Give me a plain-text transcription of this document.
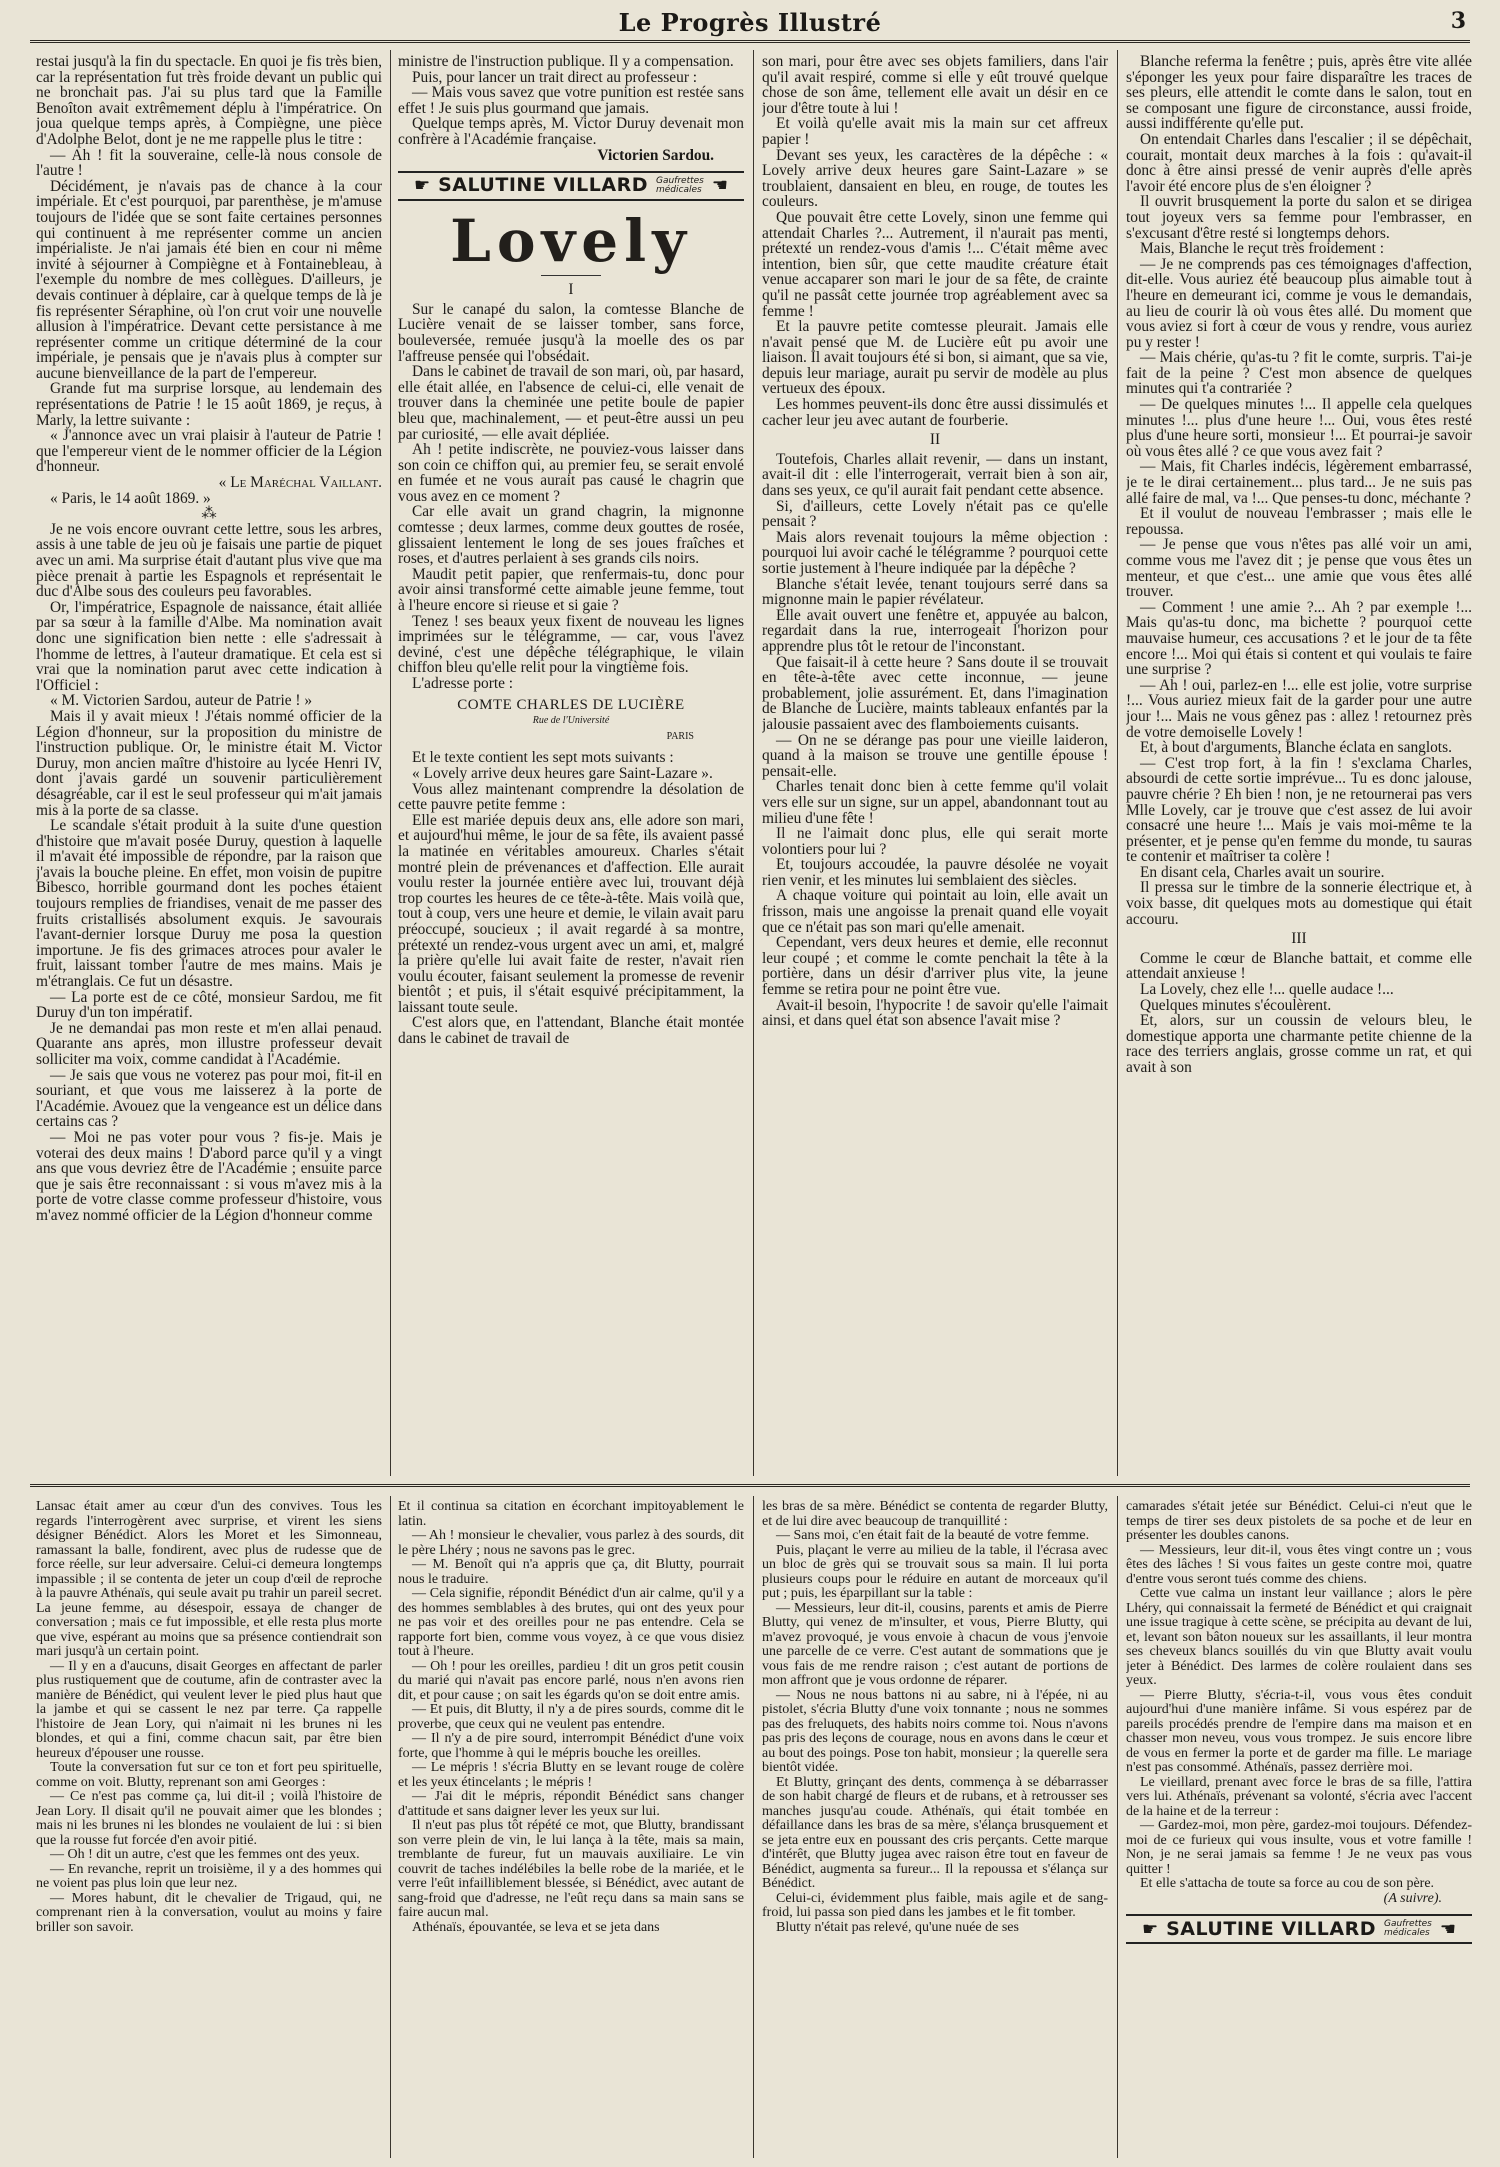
Le Progrès Illustré	3

restai jusqu'à la fin du spectacle. En quoi je fis très bien, car la représentation fut très froide devant un public qui ne bronchait pas. J'ai su plus tard que la Famille Benoîton avait extrêmement déplu à l'impératrice. On joua quelque temps après, à Compiègne, une pièce d'Adolphe Belot, dont je ne me rappelle plus le titre :

— Ah ! fit la souveraine, celle-là nous console de l'autre !

Décidément, je n'avais pas de chance à la cour impériale. Et c'est pourquoi, par parenthèse, je m'amuse toujours de l'idée que se sont faite certaines personnes qui continuent à me représenter comme un ancien impérialiste. Je n'ai jamais été bien en cour ni même invité à séjourner à Compiègne et à Fontainebleau, à l'exemple du nombre de mes collègues. D'ailleurs, je devais continuer à déplaire, car à quelque temps de là je fis représenter Séraphine, où l'on crut voir une nouvelle allusion à l'impératrice. Devant cette persistance à me représenter comme un critique déterminé de la cour impériale, je pensais que je n'avais plus à compter sur aucune bienveillance de la part de l'empereur.

Grande fut ma surprise lorsque, au lendemain des représentations de Patrie ! le 15 août 1869, je reçus, à Marly, la lettre suivante :

« J'annonce avec un vrai plaisir à l'auteur de Patrie ! que l'empereur vient de le nommer officier de la Légion d'honneur.

« Le Maréchal Vaillant.

« Paris, le 14 août 1869. »

⁂

Je ne vois encore ouvrant cette lettre, sous les arbres, assis à une table de jeu où je faisais une partie de piquet avec un ami. Ma surprise était d'autant plus vive que ma pièce prenait à partie les Espagnols et représentait le duc d'Albe sous des couleurs peu favorables.

Or, l'impératrice, Espagnole de naissance, était alliée par sa sœur à la famille d'Albe. Ma nomination avait donc une signification bien nette : elle s'adressait à l'homme de lettres, à l'auteur dramatique. Et cela est si vrai que la nomination parut avec cette indication à l'Officiel :

« M. Victorien Sardou, auteur de Patrie ! »

Mais il y avait mieux ! J'étais nommé officier de la Légion d'honneur, sur la proposition du ministre de l'instruction publique. Or, le ministre était M. Victor Duruy, mon ancien maître d'histoire au lycée Henri IV, dont j'avais gardé un souvenir particulièrement désagréable, car il est le seul professeur qui m'ait jamais mis à la porte de sa classe.

Le scandale s'était produit à la suite d'une question d'histoire que m'avait posée Duruy, question à laquelle il m'avait été impossible de répondre, par la raison que j'avais la bouche pleine. En effet, mon voisin de pupitre Bibesco, horrible gourmand dont les poches étaient toujours remplies de friandises, venait de me passer des fruits cristallisés absolument exquis. Je savourais l'avant-dernier lorsque Duruy me posa la question importune. Je fis des grimaces atroces pour avaler le fruit, laissant tomber l'autre de mes mains. Mais je m'étranglais. Ce fut un désastre.

— La porte est de ce côté, monsieur Sardou, me fit Duruy d'un ton impératif.

Je ne demandai pas mon reste et m'en allai penaud. Quarante ans après, mon illustre professeur devait solliciter ma voix, comme candidat à l'Académie.

— Je sais que vous ne voterez pas pour moi, fit-il en souriant, et que vous me laisserez à la porte de l'Académie. Avouez que la vengeance est un délice dans certains cas ?

— Moi ne pas voter pour vous ? fis-je. Mais je voterai des deux mains ! D'abord parce qu'il y a vingt ans que vous devriez être de l'Académie ; ensuite parce que je sais être reconnaissant : si vous m'avez mis à la porte de votre classe comme professeur d'histoire, vous m'avez nommé officier de la Légion d'honneur comme

ministre de l'instruction publique. Il y a compensation.

Puis, pour lancer un trait direct au professeur :

— Mais vous savez que votre punition est restée sans effet ! Je suis plus gourmand que jamais.

Quelque temps après, M. Victor Duruy devenait mon confrère à l'Académie française.

Victorien Sardou.

☛ SALUTINE VILLARD Gaufrettes
médicales ☚
Lovely

I

Sur le canapé du salon, la comtesse Blanche de Lucière venait de se laisser tomber, sans force, bouleversée, remuée jusqu'à la moelle des os par l'affreuse pensée qui l'obsédait.

Dans le cabinet de travail de son mari, où, par hasard, elle était allée, en l'absence de celui-ci, elle venait de trouver dans la cheminée une petite boule de papier bleu que, machinalement, — et peut-être aussi un peu par curiosité, — elle avait dépliée.

Ah ! petite indiscrète, ne pouviez-vous laisser dans son coin ce chiffon qui, au premier feu, se serait envolé en fumée et ne vous aurait pas causé le chagrin que vous avez en ce moment ?

Car elle avait un grand chagrin, la mignonne comtesse ; deux larmes, comme deux gouttes de rosée, glissaient lentement le long de ses joues fraîches et roses, et d'autres perlaient à ses grands cils noirs.

Maudit petit papier, que renfermais-tu, donc pour avoir ainsi transformé cette aimable jeune femme, tout à l'heure encore si rieuse et si gaie ?

Tenez ! ses beaux yeux fixent de nouveau les lignes imprimées sur le télégramme, — car, vous l'avez deviné, c'est une dépêche télégraphique, le vilain chiffon bleu qu'elle relit pour la vingtième fois.

L'adresse porte :

COMTE CHARLES DE LUCIÈRE
Rue de l'Université
PARIS

Et le texte contient les sept mots suivants :

« Lovely arrive deux heures gare Saint-Lazare ».

Vous allez maintenant comprendre la désolation de cette pauvre petite femme :

Elle est mariée depuis deux ans, elle adore son mari, et aujourd'hui même, le jour de sa fête, ils avaient passé la matinée en véritables amoureux. Charles s'était montré plein de prévenances et d'affection. Elle aurait voulu rester la journée entière avec lui, trouvant déjà trop courtes les heures de ce tête-à-tête. Mais voilà que, tout à coup, vers une heure et demie, le vilain avait paru préoccupé, soucieux ; il avait regardé à sa montre, prétexté un rendez-vous urgent avec un ami, et, malgré la prière qu'elle lui avait faite de rester, n'avait rien voulu écouter, faisant seulement la promesse de revenir bientôt ; et puis, il s'était esquivé précipitamment, la laissant toute seule.

C'est alors que, en l'attendant, Blanche était montée dans le cabinet de travail de

son mari, pour être avec ses objets familiers, dans l'air qu'il avait respiré, comme si elle y eût trouvé quelque chose de son âme, tellement elle avait un désir en ce jour d'être toute à lui !

Et voilà qu'elle avait mis la main sur cet affreux papier !

Devant ses yeux, les caractères de la dépêche : « Lovely arrive deux heures gare Saint-Lazare » se troublaient, dansaient en bleu, en rouge, de toutes les couleurs.

Que pouvait être cette Lovely, sinon une femme qui attendait Charles ?... Autrement, il n'aurait pas menti, prétexté un rendez-vous d'amis !... C'était même avec intention, bien sûr, que cette maudite créature était venue accaparer son mari le jour de sa fête, de crainte qu'il ne passât cette journée trop agréablement avec sa femme !

Et la pauvre petite comtesse pleurait. Jamais elle n'avait pensé que M. de Lucière eût pu avoir une liaison. Il avait toujours été si bon, si aimant, que sa vie, depuis leur mariage, aurait pu servir de modèle au plus vertueux des époux.

Les hommes peuvent-ils donc être aussi dissimulés et cacher leur jeu avec autant de fourberie.

II

Toutefois, Charles allait revenir, — dans un instant, avait-il dit : elle l'interrogerait, verrait bien à son air, dans ses yeux, ce qu'il aurait fait pendant cette absence.

Si, d'ailleurs, cette Lovely n'était pas ce qu'elle pensait ?

Mais alors revenait toujours la même objection : pourquoi lui avoir caché le télégramme ? pourquoi cette sortie justement à l'heure indiquée par la dépêche ?

Blanche s'était levée, tenant toujours serré dans sa mignonne main le papier révélateur.

Elle avait ouvert une fenêtre et, appuyée au balcon, regardait dans la rue, interrogeait l'horizon pour apprendre plus tôt le retour de l'inconstant.

Que faisait-il à cette heure ? Sans doute il se trouvait en tête-à-tête avec cette inconnue, — jeune probablement, jolie assurément. Et, dans l'imagination de Blanche de Lucière, maints tableaux enfantés par la jalousie passaient avec des flamboiements cuisants.

— On ne se dérange pas pour une vieille laideron, quand à la maison se trouve une gentille épouse ! pensait-elle.

Charles tenait donc bien à cette femme qu'il volait vers elle sur un signe, sur un appel, abandonnant tout au milieu d'une fête !

Il ne l'aimait donc plus, elle qui serait morte volontiers pour lui ?

Et, toujours accoudée, la pauvre désolée ne voyait rien venir, et les minutes lui semblaient des siècles.

A chaque voiture qui pointait au loin, elle avait un frisson, mais une angoisse la prenait quand elle voyait que ce n'était pas son mari qu'elle amenait.

Cependant, vers deux heures et demie, elle reconnut leur coupé ; et comme le comte penchait la tête à la portière, dans un désir d'arriver plus vite, la jeune femme se retira pour ne point être vue.

Avait-il besoin, l'hypocrite ! de savoir qu'elle l'aimait ainsi, et dans quel état son absence l'avait mise ?

Blanche referma la fenêtre ; puis, après être vite allée s'éponger les yeux pour faire disparaître les traces de ses pleurs, elle attendit le comte dans le salon, tout en se composant une figure de circonstance, aussi froide, aussi indifférente qu'elle put.

On entendait Charles dans l'escalier ; il se dépêchait, courait, montait deux marches à la fois : qu'avait-il donc à être ainsi pressé de venir auprès d'elle après l'avoir été encore plus de s'en éloigner ?

Il ouvrit brusquement la porte du salon et se dirigea tout joyeux vers sa femme pour l'embrasser, en s'excusant d'être resté si longtemps dehors.

Mais, Blanche le reçut très froidement :

— Je ne comprends pas ces témoignages d'affection, dit-elle. Vous auriez été beaucoup plus aimable tout à l'heure en demeurant ici, comme je vous le demandais, au lieu de courir là où vous êtes allé. Du moment que vous aviez si fort à cœur de vous y rendre, vous auriez pu y rester !

— Mais chérie, qu'as-tu ? fit le comte, surpris. T'ai-je fait de la peine ? C'est mon absence de quelques minutes qui t'a contrariée ?

— De quelques minutes !... Il appelle cela quelques minutes !... plus d'une heure !... Oui, vous êtes resté plus d'une heure sorti, monsieur !... Et pourrai-je savoir où vous êtes allé ? ce que vous avez fait ?

— Mais, fit Charles indécis, légèrement embarrassé, je te le dirai certainement... plus tard... Je ne suis pas allé faire de mal, va !... Que penses-tu donc, méchante ?

Et il voulut de nouveau l'embrasser ; mais elle le repoussa.

— Je pense que vous n'êtes pas allé voir un ami, comme vous me l'avez dit ; je pense que vous êtes un menteur, et que c'est... une amie que vous êtes allé trouver.

— Comment ! une amie ?... Ah ? par exemple !... Mais qu'as-tu donc, ma bichette ? pourquoi cette mauvaise humeur, ces accusations ? et le jour de ta fête encore !... Moi qui étais si content et qui voulais te faire une surprise ?

— Ah ! oui, parlez-en !... elle est jolie, votre surprise !... Vous auriez mieux fait de la garder pour une autre jour !... Mais ne vous gênez pas : allez ! retournez près de votre demoiselle Lovely !

Et, à bout d'arguments, Blanche éclata en sanglots.

— C'est trop fort, à la fin ! s'exclama Charles, absourdi de cette sortie imprévue... Tu es donc jalouse, pauvre chérie ? Eh bien ! non, je ne retournerai pas vers Mlle Lovely, car je trouve que c'est assez de lui avoir consacré une heure !... Mais je vais moi-même te la présenter, et je pense qu'en femme du monde, tu sauras te contenir et maîtriser ta colère !

En disant cela, Charles avait un sourire.

Il pressa sur le timbre de la sonnerie électrique et, à voix basse, dit quelques mots au domestique qui était accouru.

III

Comme le cœur de Blanche battait, et comme elle attendait anxieuse !

La Lovely, chez elle !... quelle audace !...

Quelques minutes s'écoulèrent.

Et, alors, sur un coussin de velours bleu, le domestique apporta une charmante petite chienne de la race des terriers anglais, grosse comme un rat, et qui avait à son

Lansac était amer au cœur d'un des convives. Tous les regards l'interrogèrent avec surprise, et virent les siens désigner Bénédict. Alors les Moret et les Simonneau, ramassant la balle, fondirent, avec plus de rudesse que de force réelle, sur leur adversaire. Celui-ci demeura longtemps impassible ; il se contenta de jeter un coup d'œil de reproche à la pauvre Athénaïs, qui seule avait pu trahir un pareil secret. La jeune femme, au désespoir, essaya de changer de conversation ; mais ce fut impossible, et elle resta plus morte que vive, espérant au moins que sa présence contiendrait son mari jusqu'à un certain point.

— Il y en a d'aucuns, disait Georges en affectant de parler plus rustiquement que de coutume, afin de contraster avec la manière de Bénédict, qui veulent lever le pied plus haut que la jambe et qui se cassent le nez par terre. Ça rappelle l'histoire de Jean Lory, qui n'aimait ni les brunes ni les blondes, et qui a fini, comme chacun sait, par être bien heureux d'épouser une rousse.

Toute la conversation fut sur ce ton et fort peu spirituelle, comme on voit. Blutty, reprenant son ami Georges :

— Ce n'est pas comme ça, lui dit-il ; voilà l'histoire de Jean Lory. Il disait qu'il ne pouvait aimer que les blondes ; mais ni les brunes ni les blondes ne voulaient de lui : si bien que la rousse fut forcée d'en avoir pitié.

— Oh ! dit un autre, c'est que les femmes ont des yeux.

— En revanche, reprit un troisième, il y a des hommes qui ne voient pas plus loin que leur nez.

— Mores habunt, dit le chevalier de Trigaud, qui, ne comprenant rien à la conversation, voulut au moins y faire briller son savoir.

Et il continua sa citation en écorchant impitoyablement le latin.

— Ah ! monsieur le chevalier, vous parlez à des sourds, dit le père Lhéry ; nous ne savons pas le grec.

— M. Benoît qui n'a appris que ça, dit Blutty, pourrait nous le traduire.

— Cela signifie, répondit Bénédict d'un air calme, qu'il y a des hommes semblables à des brutes, qui ont des yeux pour ne pas voir et des oreilles pour ne pas entendre. Cela se rapporte fort bien, comme vous voyez, à ce que vous disiez tout à l'heure.

— Oh ! pour les oreilles, pardieu ! dit un gros petit cousin du marié qui n'avait pas encore parlé, nous n'en avons rien dit, et pour cause ; on sait les égards qu'on se doit entre amis.

— Et puis, dit Blutty, il n'y a de pires sourds, comme dit le proverbe, que ceux qui ne veulent pas entendre.

— Il n'y a de pire sourd, interrompit Bénédict d'une voix forte, que l'homme à qui le mépris bouche les oreilles.

— Le mépris ! s'écria Blutty en se levant rouge de colère et les yeux étincelants ; le mépris !

— J'ai dit le mépris, répondit Bénédict sans changer d'attitude et sans daigner lever les yeux sur lui.

Il n'eut pas plus tôt répété ce mot, que Blutty, brandissant son verre plein de vin, le lui lança à la tête, mais sa main, tremblante de fureur, fut un mauvais auxiliaire. Le vin couvrit de taches indélébiles la belle robe de la mariée, et le verre l'eût infailliblement blessée, si Bénédict, avec autant de sang-froid que d'adresse, ne l'eût reçu dans sa main sans se faire aucun mal.

Athénaïs, épouvantée, se leva et se jeta dans

les bras de sa mère. Bénédict se contenta de regarder Blutty, et de lui dire avec beaucoup de tranquillité :

— Sans moi, c'en était fait de la beauté de votre femme.

Puis, plaçant le verre au milieu de la table, il l'écrasa avec un bloc de grès qui se trouvait sous sa main. Il lui porta plusieurs coups pour le réduire en autant de morceaux qu'il put ; puis, les éparpillant sur la table :

— Messieurs, leur dit-il, cousins, parents et amis de Pierre Blutty, qui venez de m'insulter, et vous, Pierre Blutty, qui m'avez provoqué, je vous envoie à chacun de vous j'envoie une parcelle de ce verre. C'est autant de sommations que je vous fais de me rendre raison ; c'est autant de portions de mon affront que je vous ordonne de réparer.

— Nous ne nous battons ni au sabre, ni à l'épée, ni au pistolet, s'écria Blutty d'une voix tonnante ; nous ne sommes pas des freluquets, des habits noirs comme toi. Nous n'avons pas pris des leçons de courage, nous en avons dans le cœur et au bout des poings. Pose ton habit, monsieur ; la querelle sera bientôt vidée.

Et Blutty, grinçant des dents, commença à se débarrasser de son habit chargé de fleurs et de rubans, et à retrousser ses manches jusqu'au coude. Athénaïs, qui était tombée en défaillance dans les bras de sa mère, s'élança brusquement et se jeta entre eux en poussant des cris perçants. Cette marque d'intérêt, que Blutty jugea avec raison être tout en faveur de Bénédict, augmenta sa fureur... Il la repoussa et s'élança sur Bénédict.

Celui-ci, évidemment plus faible, mais agile et de sang-froid, lui passa son pied dans les jambes et le fit tomber.

Blutty n'était pas relevé, qu'une nuée de ses

camarades s'était jetée sur Bénédict. Celui-ci n'eut que le temps de tirer ses deux pistolets de sa poche et de leur en présenter les doubles canons.

— Messieurs, leur dit-il, vous êtes vingt contre un ; vous êtes des lâches ! Si vous faites un geste contre moi, quatre d'entre vous seront tués comme des chiens.

Cette vue calma un instant leur vaillance ; alors le père Lhéry, qui connaissait la fermeté de Bénédict et qui craignait une issue tragique à cette scène, se précipita au devant de lui, et, levant son bâton noueux sur les assaillants, il leur montra ses cheveux blancs souillés du vin que Blutty avait voulu jeter à Bénédict. Des larmes de colère roulaient dans ses yeux.

— Pierre Blutty, s'écria-t-il, vous vous êtes conduit aujourd'hui d'une manière infâme. Si vous espérez par de pareils procédés prendre de l'empire dans ma maison et en chasser mon neveu, vous vous trompez. Je suis encore libre de vous en fermer la porte et de garder ma fille. Le mariage n'est pas consommé. Athénaïs, passez derrière moi.

Le vieillard, prenant avec force le bras de sa fille, l'attira vers lui. Athénaïs, prévenant sa volonté, s'écria avec l'accent de la haine et de la terreur :

— Gardez-moi, mon père, gardez-moi toujours. Défendez-moi de ce furieux qui vous insulte, vous et votre famille ! Non, je ne serai jamais sa femme ! Je ne veux pas vous quitter !

Et elle s'attacha de toute sa force au cou de son père.

(A suivre).

☛ SALUTINE VILLARD Gaufrettes
médicales ☚
